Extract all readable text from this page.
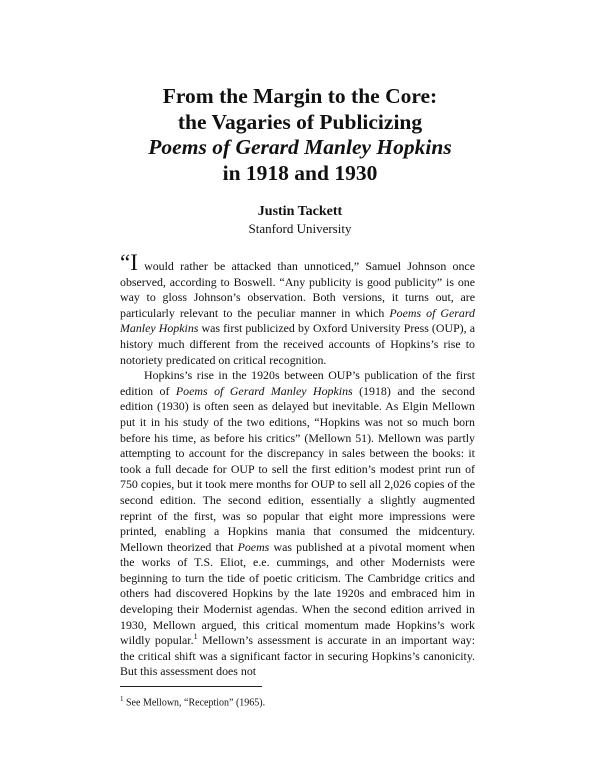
From the Margin to the Core:
the Vagaries of Publicizing
Poems of Gerard Manley Hopkins
in 1918 and 1930
Justin Tackett
Stanford University

“I would rather be attacked than unnoticed,” Samuel Johnson once observed, according to Boswell. “Any publicity is good publicity” is one way to gloss Johnson’s observation. Both versions, it turns out, are particularly relevant to the peculiar manner in which Poems of Gerard Manley Hopkins was first publicized by Oxford University Press (OUP), a history much different from the received accounts of Hopkins’s rise to notoriety predicated on critical recognition.

Hopkins’s rise in the 1920s between OUP’s publication of the first edition of Poems of Gerard Manley Hopkins (1918) and the second edition (1930) is often seen as delayed but inevitable. As Elgin Mellown put it in his study of the two editions, “Hopkins was not so much born before his time, as before his critics” (Mellown 51). Mellown was partly attempting to account for the discrepancy in sales between the books: it took a full decade for OUP to sell the first edition’s modest print run of 750 copies, but it took mere months for OUP to sell all 2,026 copies of the second edition. The second edition, essentially a slightly augmented reprint of the first, was so popular that eight more impressions were printed, enabling a Hopkins mania that consumed the midcentury. Mellown theorized that Poems was published at a pivotal moment when the works of T.S. Eliot, e.e. cummings, and other Modernists were beginning to turn the tide of poetic criticism. The Cambridge critics and others had discovered Hopkins by the late 1920s and embraced him in developing their Modernist agendas. When the second edition arrived in 1930, Mellown argued, this critical momentum made Hopkins’s work wildly popular.$^1$ Mellown’s assessment is accurate in an important way: the critical shift was a significant factor in securing Hopkins’s canonicity. But this assessment does not

$^1$ See Mellown, “Reception” (1965).
